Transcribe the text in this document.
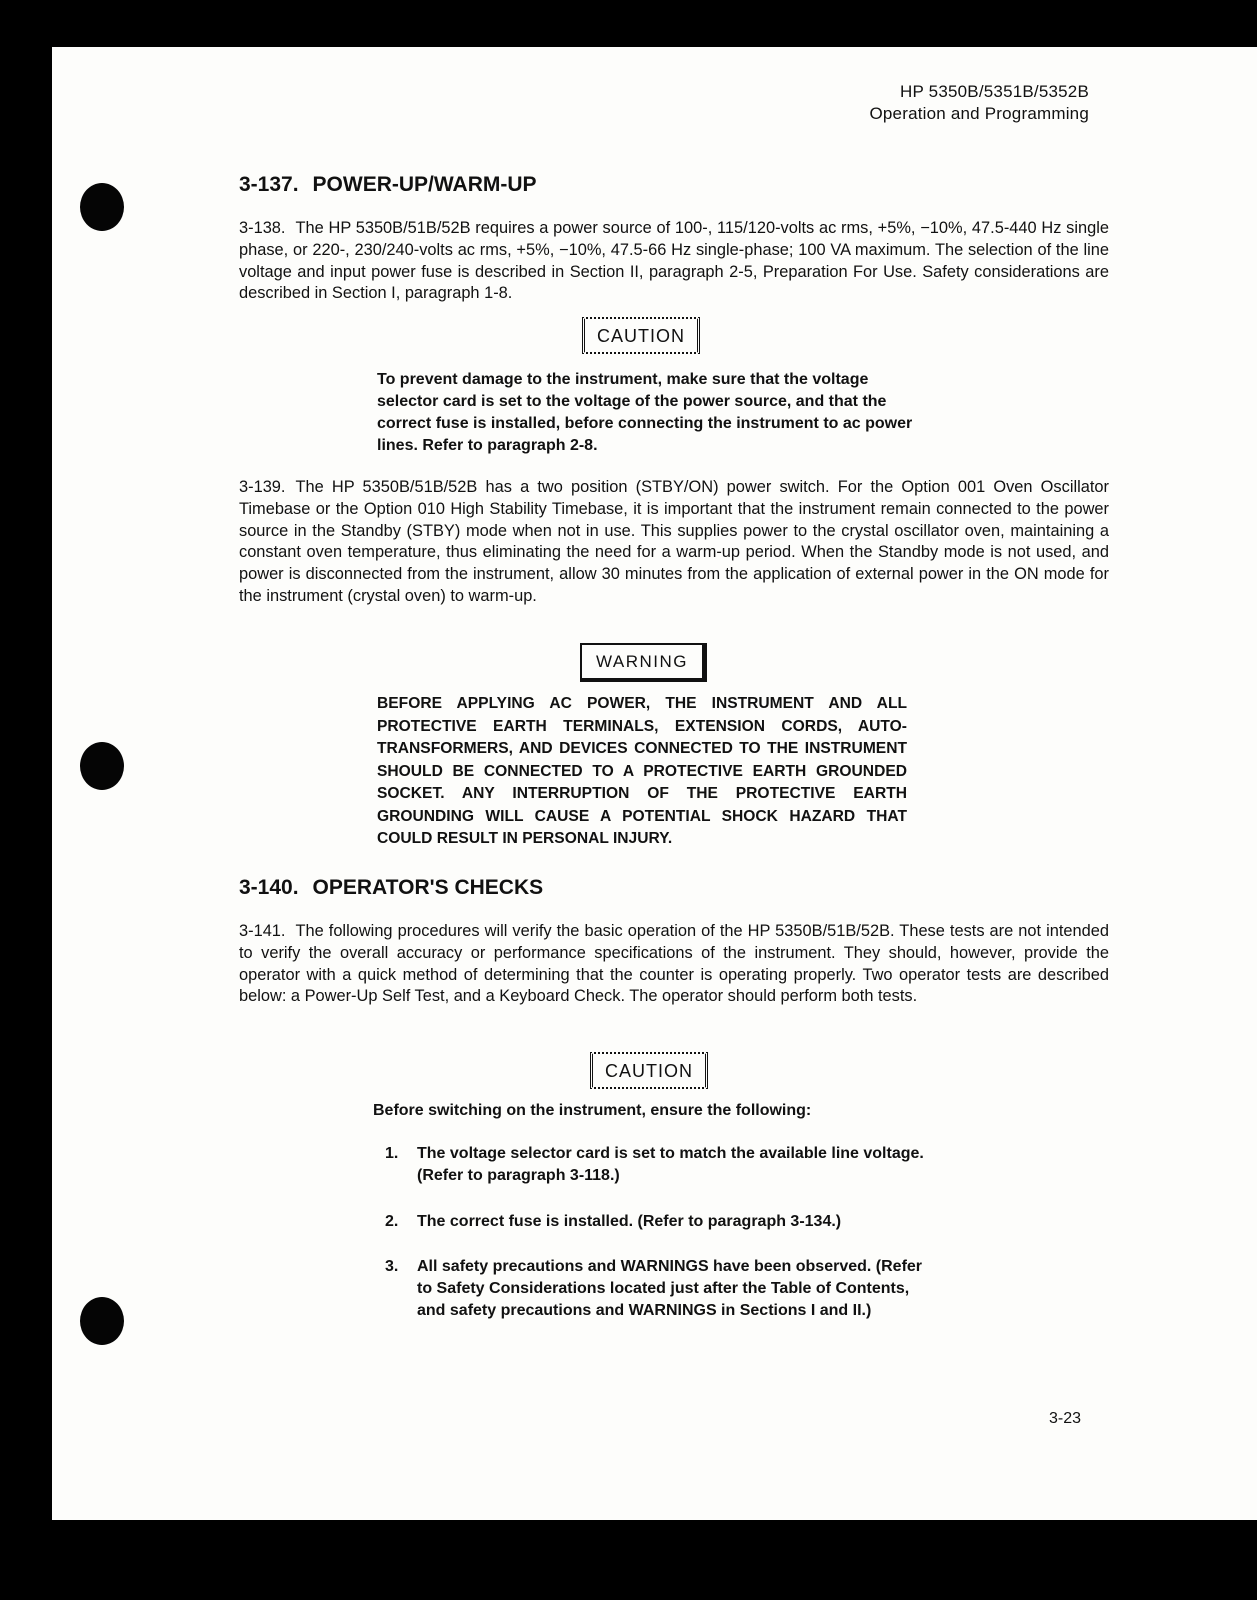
HP 5350B/5351B/5352B
Operation and Programming
3-137. POWER-UP/WARM-UP
3-138. The HP 5350B/51B/52B requires a power source of 100-, 115/120-volts ac rms, +5%, −10%, 47.5-440 Hz single phase, or 220-, 230/240-volts ac rms, +5%, −10%, 47.5-66 Hz single-phase; 100 VA maximum. The selection of the line voltage and input power fuse is described in Section II, paragraph 2-5, Preparation For Use. Safety considerations are described in Section I, paragraph 1-8.
CAUTION
To prevent damage to the instrument, make sure that the voltage selector card is set to the voltage of the power source, and that the correct fuse is installed, before connecting the instrument to ac power lines. Refer to paragraph 2-8.
3-139. The HP 5350B/51B/52B has a two position (STBY/ON) power switch. For the Option 001 Oven Oscillator Timebase or the Option 010 High Stability Timebase, it is important that the instrument remain connected to the power source in the Standby (STBY) mode when not in use. This supplies power to the crystal oscillator oven, maintaining a constant oven temperature, thus eliminating the need for a warm-up period. When the Standby mode is not used, and power is disconnected from the instrument, allow 30 minutes from the application of external power in the ON mode for the instrument (crystal oven) to warm-up.
WARNING
BEFORE APPLYING AC POWER, THE INSTRUMENT AND ALL PROTECTIVE EARTH TERMINALS, EXTENSION CORDS, AUTO-TRANSFORMERS, AND DEVICES CONNECTED TO THE INSTRUMENT SHOULD BE CONNECTED TO A PROTECTIVE EARTH GROUNDED SOCKET. ANY INTERRUPTION OF THE PROTECTIVE EARTH GROUNDING WILL CAUSE A POTENTIAL SHOCK HAZARD THAT COULD RESULT IN PERSONAL INJURY.
3-140. OPERATOR'S CHECKS
3-141. The following procedures will verify the basic operation of the HP 5350B/51B/52B. These tests are not intended to verify the overall accuracy or performance specifications of the instrument. They should, however, provide the operator with a quick method of determining that the counter is operating properly. Two operator tests are described below: a Power-Up Self Test, and a Keyboard Check. The operator should perform both tests.
CAUTION
Before switching on the instrument, ensure the following:
1. The voltage selector card is set to match the available line voltage. (Refer to paragraph 3-118.)
2. The correct fuse is installed. (Refer to paragraph 3-134.)
3. All safety precautions and WARNINGS have been observed. (Refer to Safety Considerations located just after the Table of Contents, and safety precautions and WARNINGS in Sections I and II.)
3-23
